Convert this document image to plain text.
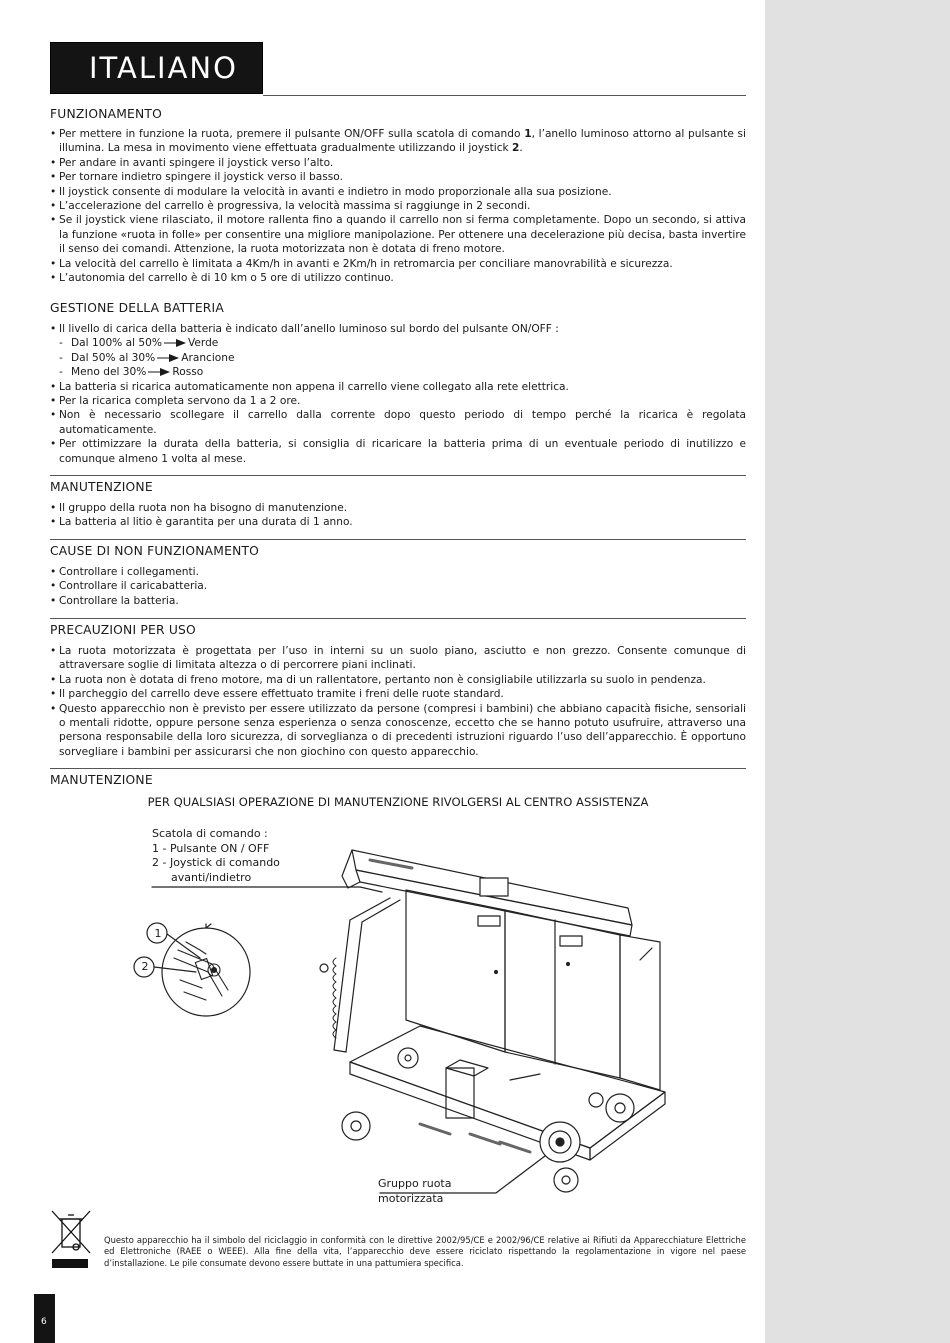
ITALIANO
FUNZIONAMENTO
• Per mettere in funzione la ruota, premere il pulsante ON/OFF sulla scatola di comando 1, l’anello luminoso attorno al pulsante si illumina. La mesa in movimento viene effettuata gradualmente utilizzando il joystick 2.
• Per andare in avanti spingere il joystick verso l’alto.
• Per tornare indietro spingere il joystick verso il basso.
• Il joystick consente di modulare la velocità in avanti e indietro in modo proporzionale alla sua posizione.
• L’accelerazione del carrello è progressiva, la velocità massima si raggiunge in 2 secondi.
• Se il joystick viene rilasciato, il motore rallenta fino a quando il carrello non si ferma completamente. Dopo un secondo, si attiva la funzione «ruota in folle» per consentire una migliore manipolazione. Per ottenere una decelerazione più decisa, basta invertire il senso dei comandi. Attenzione, la ruota motorizzata non è dotata di freno motore.
• La velocità del carrello è limitata a 4Km/h in avanti e 2Km/h in retromarcia per conciliare manovrabilità e sicurezza.
• L’autonomia del carrello è di 10 km o 5 ore di utilizzo continuo.
GESTIONE DELLA BATTERIA
• Il livello di carica della batteria è indicato dall’anello luminoso sul bordo del pulsante ON/OFF :
- Dal 100% al 50% Verde
- Dal 50% al 30% Arancione
- Meno del 30% Rosso
• La batteria si ricarica automaticamente non appena il carrello viene collegato alla rete elettrica.
• Per la ricarica completa servono da 1 a 2 ore.
• Non è necessario scollegare il carrello dalla corrente dopo questo periodo di tempo perché la ricarica è regolata automaticamente.
• Per ottimizzare la durata della batteria, si consiglia di ricaricare la batteria prima di un eventuale periodo di inutilizzo e comunque almeno 1 volta al mese.
MANUTENZIONE
• Il gruppo della ruota non ha bisogno di manutenzione.
• La batteria al litio è garantita per una durata di 1 anno.
CAUSE DI NON FUNZIONAMENTO
• Controllare i collegamenti.
• Controllare il caricabatteria.
• Controllare la batteria.
PRECAUZIONI PER USO
• La ruota motorizzata è progettata per l’uso in interni su un suolo piano, asciutto e non grezzo. Consente comunque di attraversare soglie di limitata altezza o di percorrere piani inclinati.
• La ruota non è dotata di freno motore, ma di un rallentatore, pertanto non è consigliabile utilizzarla su suolo in pendenza.
• Il parcheggio del carrello deve essere effettuato tramite i freni delle ruote standard.
• Questo apparecchio non è previsto per essere utilizzato da persone (compresi i bambini) che abbiano capacità fisiche, sensoriali o mentali ridotte, oppure persone senza esperienza o senza conoscenze, eccetto che se hanno potuto usufruire, attraverso una persona responsabile della loro sicurezza, di sorveglianza o di precedenti istruzioni riguardo l’uso dell’apparecchio. È opportuno sorvegliare i bambini per assicurarsi che non giochino con questo apparecchio.
MANUTENZIONE
PER QUALSIASI OPERAZIONE DI MANUTENZIONE RIVOLGERSI AL CENTRO ASSISTENZA
Scatola di comando :
1 - Pulsante ON / OFF
2 - Joystick di comando
avanti/indietro
1
2
Gruppo ruota
motorizzata
Questo apparecchio ha il simbolo del riciclaggio in conformità con le direttive 2002/95/CE e 2002/96/CE relative ai Rifiuti da Apparecchiature Elettriche ed Elettroniche (RAEE o WEEE). Alla fine della vita, l’apparecchio deve essere riciclato rispettando la regolamentazione in vigore nel paese d’installazione. Le pile consumate devono essere buttate in una pattumiera specifica.
6
